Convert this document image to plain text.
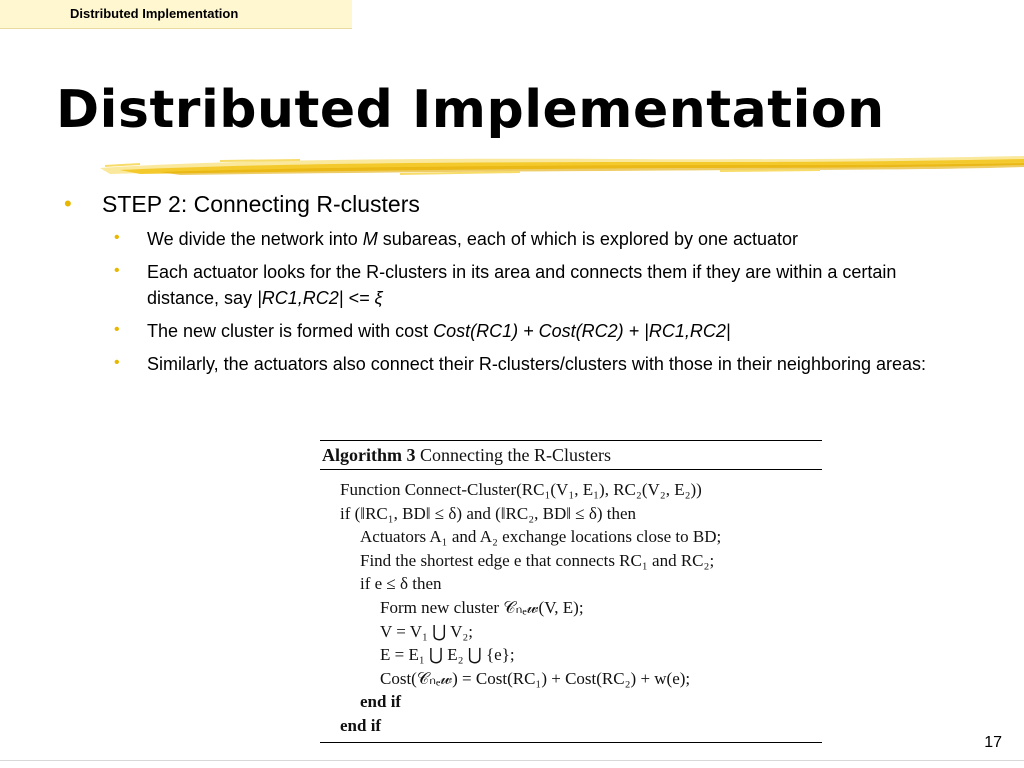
Distributed Implementation
Distributed Implementation
• STEP 2: Connecting R-clusters
• We divide the network into M subareas, each of which is explored by one actuator
• Each actuator looks for the R-clusters in its area and connects them if they are within a certain distance, say |RC1,RC2| <= ξ
• The new cluster is formed with cost Cost(RC1) + Cost(RC2) + |RC1,RC2|
• Similarly, the actuators also connect their R-clusters/clusters with those in their neighboring areas:
Algorithm 3 Connecting the R-Clusters
Function Connect-Cluster(RC₁(V₁, E₁), RC₂(V₂, E₂))
if (‖RC₁, BD‖ ≤ δ) and (‖RC₂, BD‖ ≤ δ) then
Actuators A₁ and A₂ exchange locations close to BD;
Find the shortest edge e that connects RC₁ and RC₂;
if e ≤ δ then
Form new cluster 𝒞ₙₑ𝓌(V, E);
V = V₁ ⋃ V₂;
E = E₁ ⋃ E₂ ⋃ {e};
Cost(𝒞ₙₑ𝓌) = Cost(RC₁) + Cost(RC₂) + w(e);
end if
end if
17
